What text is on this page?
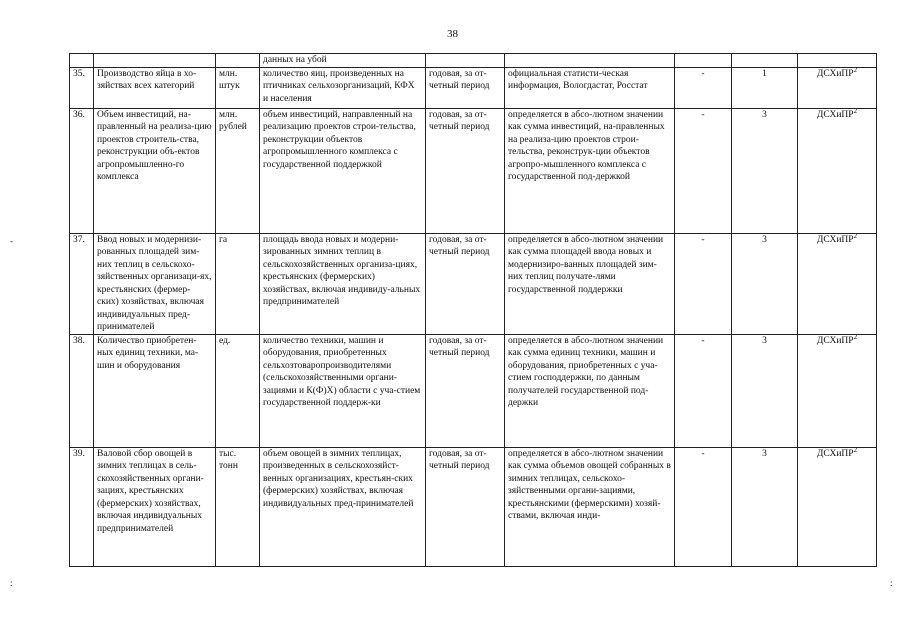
38
			данных на убой					
35.	Производство яйца в хо-зяйствах всех категорий	млн. штук	количество яиц, произведенных на птичниках сельхозорганизаций, КФХ и населения	годовая, за от-четный период	официальная статисти-ческая информация, Вологдастат, Росстат	-	1	ДСХиПР$^2$
36.	Объем инвестиций, на-правленный на реализа-цию проектов строитель-ства, реконструкции объ-ектов агропромышленно-го комплекса	млн. рублей	объем инвестиций, направленный на реализацию проектов строи-тельства, реконструкции объектов агропромышленного комплекса с государственной поддержкой	годовая, за от-четный период	определяется в абсо-лютном значении как сумма инвестиций, на-правленных на реализа-цию проектов строи-тельства, реконструк-ции объектов агропро-мышленного комплекса с государственной под-держкой	-	3	ДСХиПР$^2$
37.	Ввод новых и модернизи-рованных площадей зим-них теплиц в сельскохо-зяйственных организаци-ях, крестьянских (фермер-ских) хозяйствах, включая индивидуальных пред-принимателей	га	площадь ввода новых и модерни-зированных зимних теплиц в сельскохозяйственных организа-циях, крестьянских (фермерских) хозяйствах, включая индивиду-альных предпринимателей	годовая, за от-четный период	определяется в абсо-лютном значении как сумма площадей ввода новых и модернизиро-ванных площадей зим-них теплиц получате-лями государственной поддержки	-	3	ДСХиПР$^2$
38.	Количество приобретен-ных единиц техники, ма-шин и оборудования	ед.	количество техники, машин и оборудования, приобретенных сельхозтоваропроизводителями (сельскохозяйственными органи-зациями и К(Ф)Х) области с уча-стием государственной поддерж-ки	годовая, за от-четный период	определяется в абсо-лютном значении как сумма единиц техники, машин и оборудования, приобретенных с уча-стием господдержки, по данным получателей государственной под-держки	-	3	ДСХиПР$^2$
39.	Валовой сбор овощей в зимних теплицах в сель-скохозяйственных органи-зациях, крестьянских (фермерских) хозяйствах, включая индивидуальных предпринимателей	тыс. тонн	объем овощей в зимних теплицах, произведенных в сельскохозяйст-венных организациях, крестьян-ских (фермерских) хозяйствах, включая индивидуальных пред-принимателей	годовая, за от-четный период	определяется в абсо-лютном значении как сумма объемов овощей собранных в зимних теплицах, сельскохо-зяйственными органи-зациями, крестьянскими (фермерскими) хозяй-ствами, включая инди-	-	3	ДСХиПР$^2$
-
:	:
